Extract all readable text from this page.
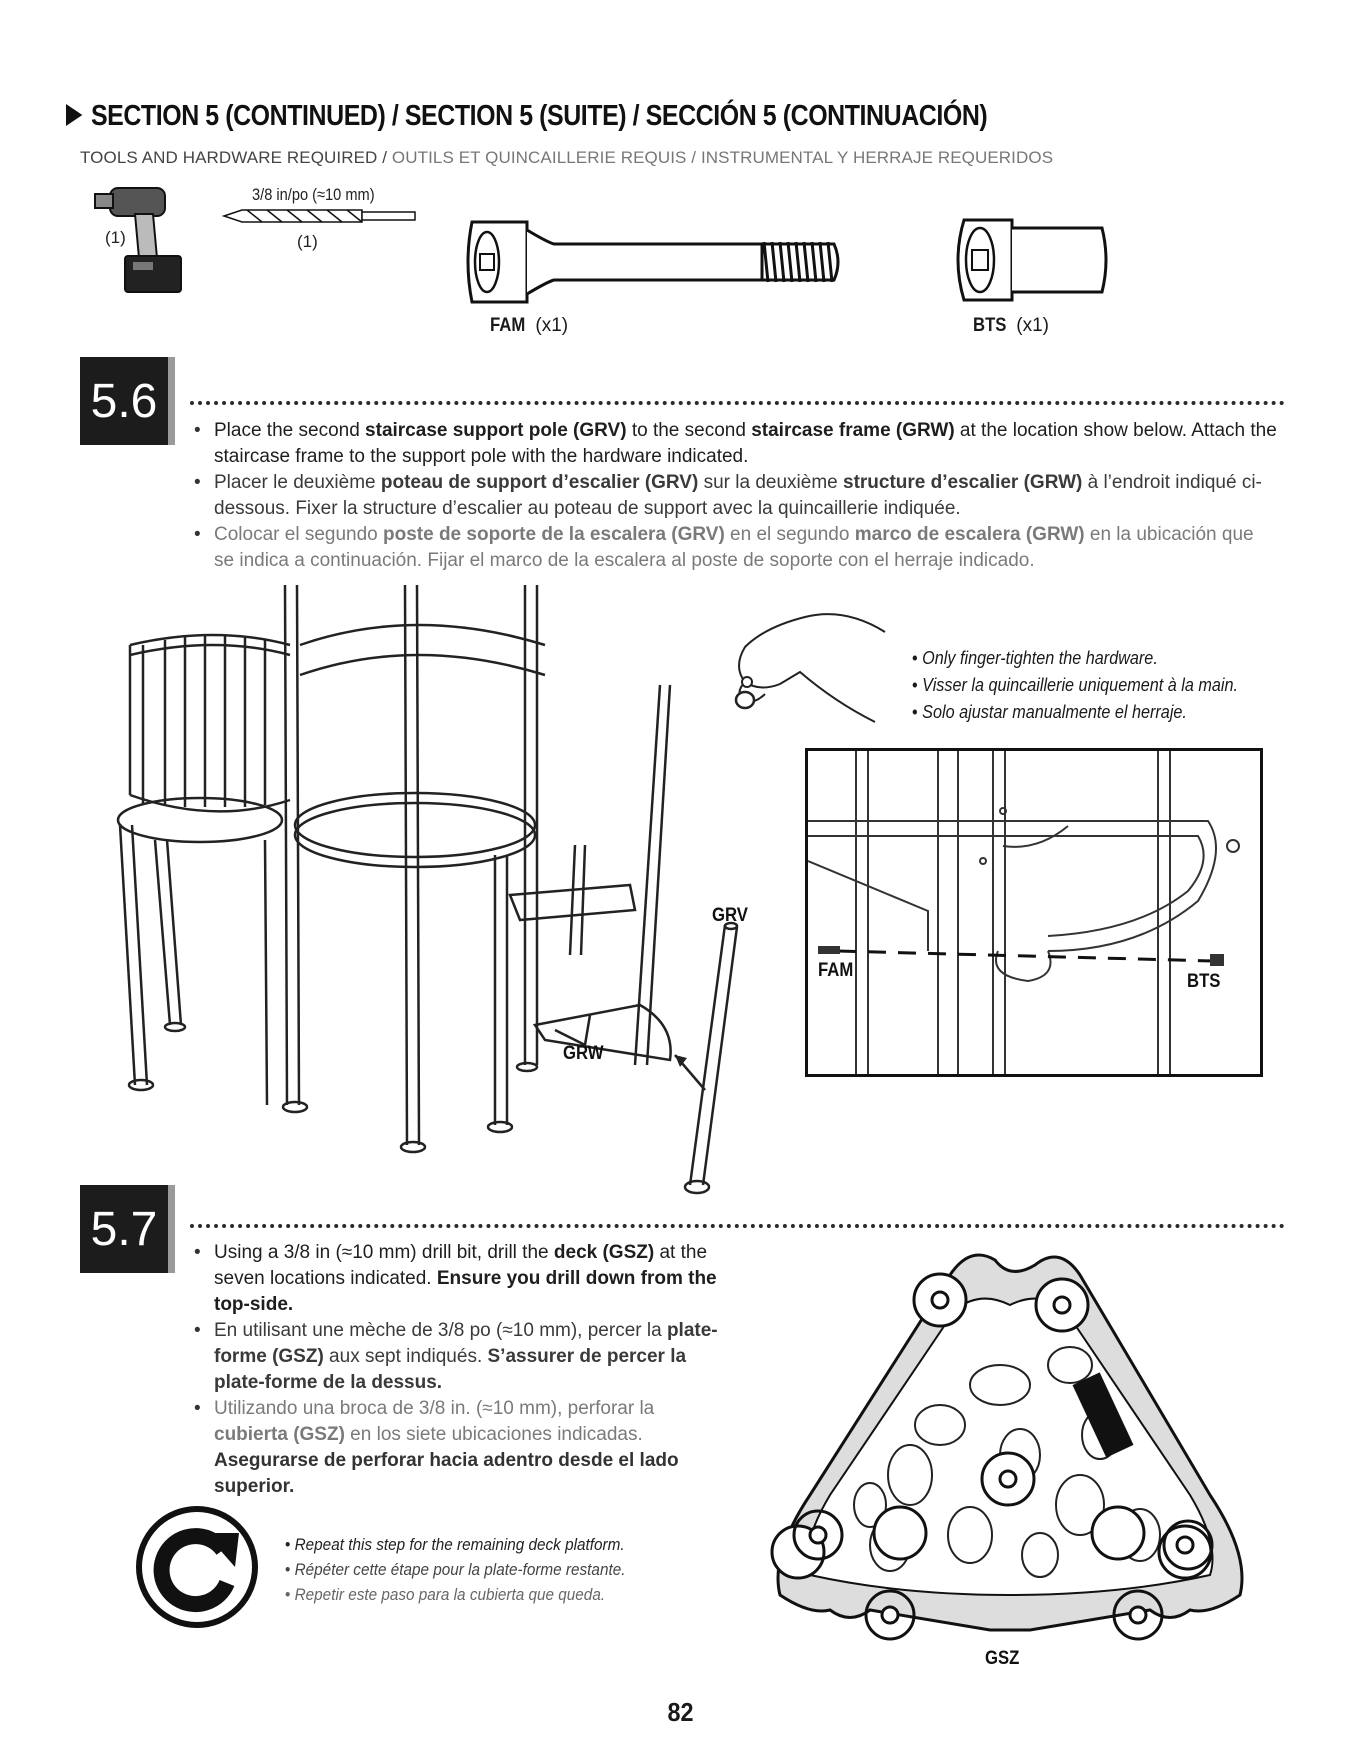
SECTION 5 (CONTINUED) / SECTION 5 (SUITE) / SECCIÓN 5 (CONTINUACIÓN)
TOOLS AND HARDWARE REQUIRED / OUTILS ET QUINCAILLERIE REQUIS / INSTRUMENTAL Y HERRAJE REQUERIDOS
(1)
3/8 in/po (≈10 mm)
(1)
FAM (x1)	BTS (x1)
5.6
• Place the second staircase support pole (GRV) to the second staircase frame (GRW) at the location show below. Attach the staircase frame to the support pole with the hardware indicated.
• Placer le deuxième poteau de support d’escalier (GRV) sur la deuxième structure d’escalier (GRW) à l’endroit indiqué ci-dessous. Fixer la structure d’escalier au poteau de support avec la quincaillerie indiquée.
• Colocar el segundo poste de soporte de la escalera (GRV) en el segundo marco de escalera (GRW) en la ubicación que se indica a continuación. Fijar el marco de la escalera al poste de soporte con el herraje indicado.
GRV
GRW
• Only finger-tighten the hardware.
• Visser la quincaillerie uniquement à la main.
• Solo ajustar manualmente el herraje.
FAM
BTS
5.7
•	Using a 3/8 in (≈10 mm) drill bit, drill the deck (GSZ) at the seven locations indicated. Ensure you drill down from the top-side.
• En utilisant une mèche de 3/8 po (≈10 mm), percer la plate-forme (GSZ) aux sept indiqués. S’assurer de percer la plate-forme de la dessus.
• Utilizando una broca de 3/8 in. (≈10 mm), perforar la cubierta (GSZ) en los siete ubicaciones indicadas. Asegurarse de perforar hacia adentro desde el lado superior.
• Repeat this step for the remaining deck platform.
• Répéter cette étape pour la plate-forme restante.
• Repetir este paso para la cubierta que queda.
GSZ
82
